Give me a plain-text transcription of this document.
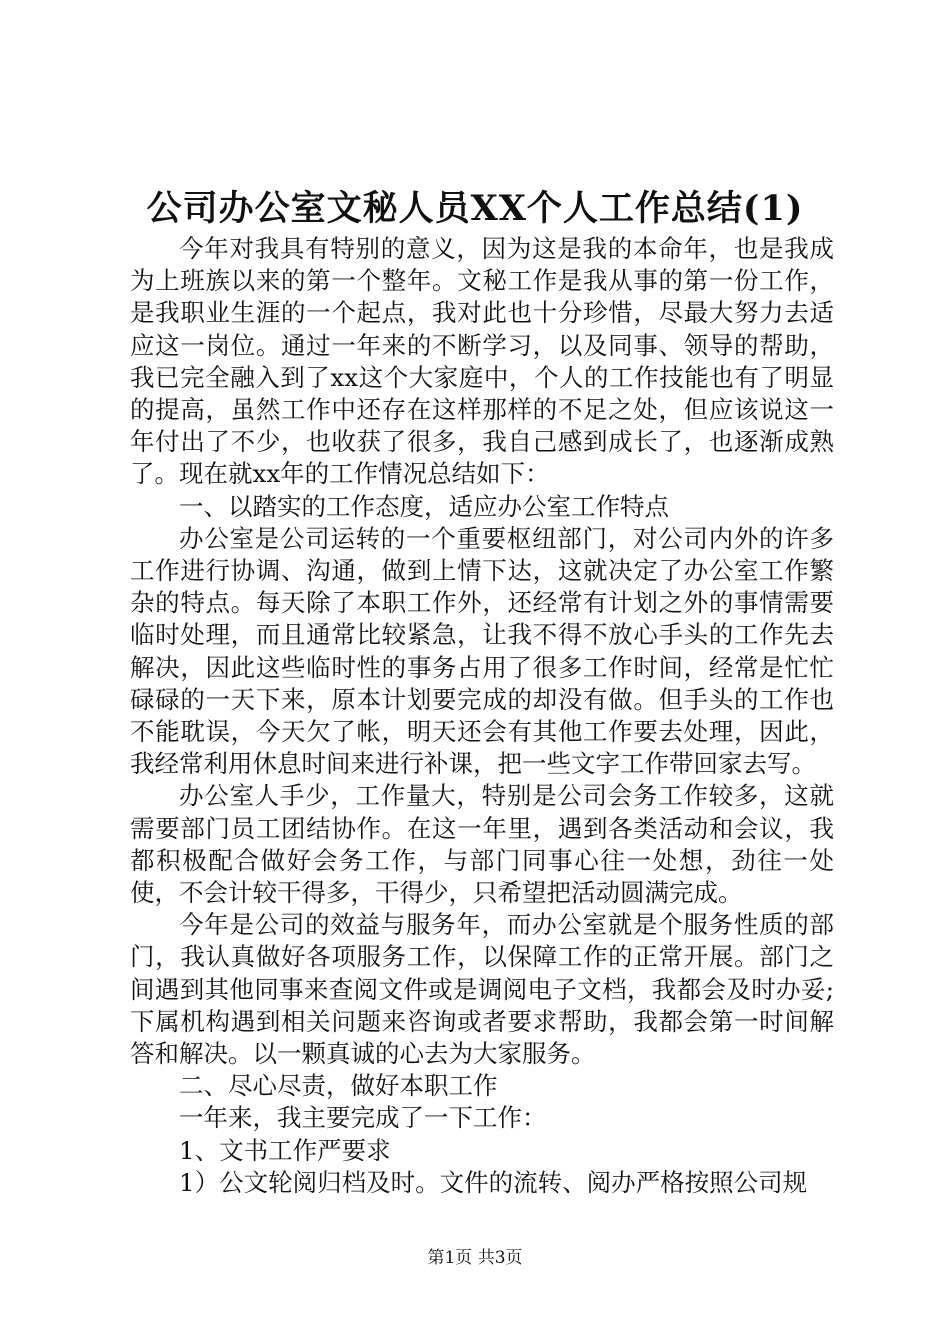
公司办公室文秘人员XX个人工作总结(1)

今年对我具有特别的意义，因为这是我的本命年，也是我成为上班族以来的第一个整年。文秘工作是我从事的第一份工作，是我职业生涯的一个起点，我对此也十分珍惜，尽最大努力去适应这一岗位。通过一年来的不断学习，以及同事、领导的帮助，我已完全融入到了xx这个大家庭中，个人的工作技能也有了明显的提高，虽然工作中还存在这样那样的不足之处，但应该说这一年付出了不少，也收获了很多，我自己感到成长了，也逐渐成熟了。现在就xx年的工作情况总结如下：

一、以踏实的工作态度，适应办公室工作特点

办公室是公司运转的一个重要枢纽部门，对公司内外的许多工作进行协调、沟通，做到上情下达，这就决定了办公室工作繁杂的特点。每天除了本职工作外，还经常有计划之外的事情需要临时处理，而且通常比较紧急，让我不得不放心手头的工作先去解决，因此这些临时性的事务占用了很多工作时间，经常是忙忙碌碌的一天下来，原本计划要完成的却没有做。但手头的工作也不能耽误，今天欠了帐，明天还会有其他工作要去处理，因此，我经常利用休息时间来进行补课，把一些文字工作带回家去写。

办公室人手少，工作量大，特别是公司会务工作较多，这就需要部门员工团结协作。在这一年里，遇到各类活动和会议，我都积极配合做好会务工作，与部门同事心往一处想，劲往一处使，不会计较干得多，干得少，只希望把活动圆满完成。

今年是公司的效益与服务年，而办公室就是个服务性质的部门，我认真做好各项服务工作，以保障工作的正常开展。部门之间遇到其他同事来查阅文件或是调阅电子文档，我都会及时办妥;下属机构遇到相关问题来咨询或者要求帮助，我都会第一时间解答和解决。以一颗真诚的心去为大家服务。

二、尽心尽责，做好本职工作

一年来，我主要完成了一下工作：

1、文书工作严要求

1）公文轮阅归档及时。文件的流转、阅办严格按照公司规

第1页 共3页
